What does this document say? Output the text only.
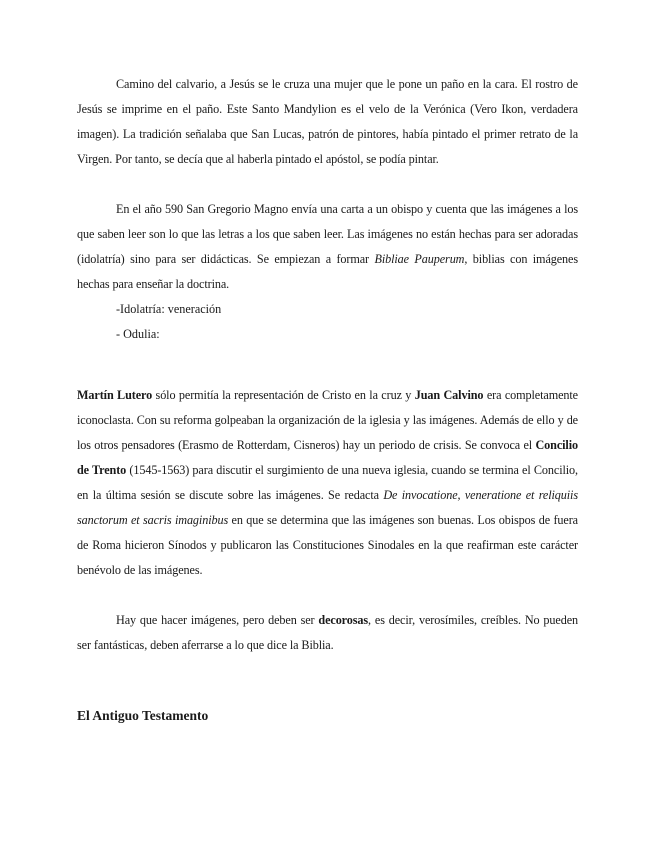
Camino del calvario, a Jesús se le cruza una mujer que le pone un paño en la cara. El rostro de Jesús se imprime en el paño. Este Santo Mandylion es el velo de la Verónica (Vero Ikon, verdadera imagen). La tradición señalaba que San Lucas, patrón de pintores, había pintado el primer retrato de la Virgen. Por tanto, se decía que al haberla pintado el apóstol, se podía pintar.

En el año 590 San Gregorio Magno envía una carta a un obispo y cuenta que las imágenes a los que saben leer son lo que las letras a los que saben leer. Las imágenes no están hechas para ser adoradas (idolatría) sino para ser didácticas. Se empiezan a formar Bibliae Pauperum, biblias con imágenes hechas para enseñar la doctrina.

-Idolatría: veneración

- Odulia:

Martín Lutero sólo permitía la representación de Cristo en la cruz y Juan Calvino era completamente iconoclasta. Con su reforma golpeaban la organización de la iglesia y las imágenes. Además de ello y de los otros pensadores (Erasmo de Rotterdam, Cisneros) hay un periodo de crisis. Se convoca el Concilio de Trento (1545-1563) para discutir el surgimiento de una nueva iglesia, cuando se termina el Concilio, en la última sesión se discute sobre las imágenes. Se redacta De invocatione, veneratione et reliquiis sanctorum et sacris imaginibus en que se determina que las imágenes son buenas. Los obispos de fuera de Roma hicieron Sínodos y publicaron las Constituciones Sinodales en la que reafirman este carácter benévolo de las imágenes.

Hay que hacer imágenes, pero deben ser decorosas, es decir, verosímiles, creíbles. No pueden ser fantásticas, deben aferrarse a lo que dice la Biblia.

El Antiguo Testamento
